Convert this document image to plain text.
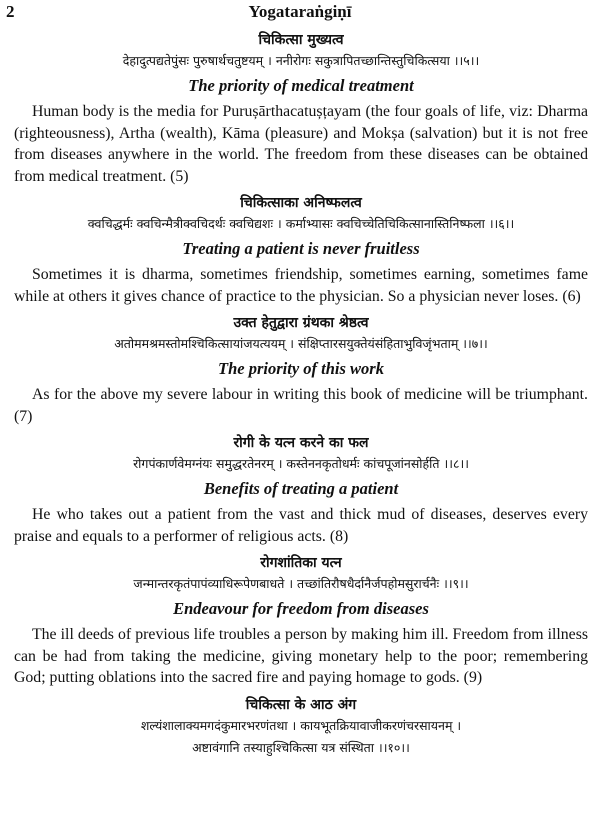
2	Yogataraṅgiṇī

चिकित्सा मुख्यत्व

देहादुत्पद्यतेपुंसः पुरुषार्थचतुष्टयम् । ननीरोगः सकुत्रापितच्छान्तिस्तुचिकित्सया ।।५।।

The priority of medical treatment

Human body is the media for Purușārthacatușțayam (the four goals of life, viz: Dharma (righteousness), Artha (wealth), Kāma (pleasure) and Mokșa (salvation) but it is not free from diseases anywhere in the world. The freedom from these diseases can be obtained from medical treatment. (5)

चिकित्साका अनिष्फलत्व

क्वचिद्धर्मः क्वचिन्मैत्रीक्वचिदर्थः क्वचिद्यशः । कर्माभ्यासः क्वचिच्चेतिचिकित्सानास्तिनिष्फला ।।६।।

Treating a patient is never fruitless

Sometimes it is dharma, sometimes friendship, sometimes earning, sometimes fame while at others it gives chance of practice to the physician. So a physician never loses. (6)

उक्त हेतुद्वारा ग्रंथका श्रेष्ठत्व

अतोममश्रमस्तोमश्चिकित्सायांजयत्ययम् । संक्षिप्तारसयुक्तेयंसंहिताभुविजृंभताम् ।।७।।

The priority of this work

As for the above my severe labour in writing this book of medicine will be triumphant. (7)

रोगी के यत्न करने का फल

रोगपंकार्णवेमग्नंयः समुद्धरतेनरम् । कस्तेननकृतोधर्मः कांचपूजांनसोर्हति ।।८।।

Benefits of treating a patient

He who takes out a patient from the vast and thick mud of diseases, deserves every praise and equals to a performer of religious acts. (8)

रोगशांतिका यत्न

जन्मान्तरकृतंपापंव्याधिरूपेणबाधते । तच्छांतिरौषधैर्दानैर्जपहोमसुरार्चनैः ।।९।।

Endeavour for freedom from diseases

The ill deeds of previous life troubles a person by making him ill. Freedom from illness can be had from taking the medicine, giving monetary help to the poor; remembering God; putting oblations into the sacred fire and paying homage to gods. (9)

चिकित्सा के आठ अंग

शल्यंशालाक्यमगदंकुमारभरणंतथा । कायभूतक्रियावाजीकरणंचरसायनम् ।

अष्टावंगानि तस्याहुश्चिकित्सा यत्र संस्थिता ।।१०।।
